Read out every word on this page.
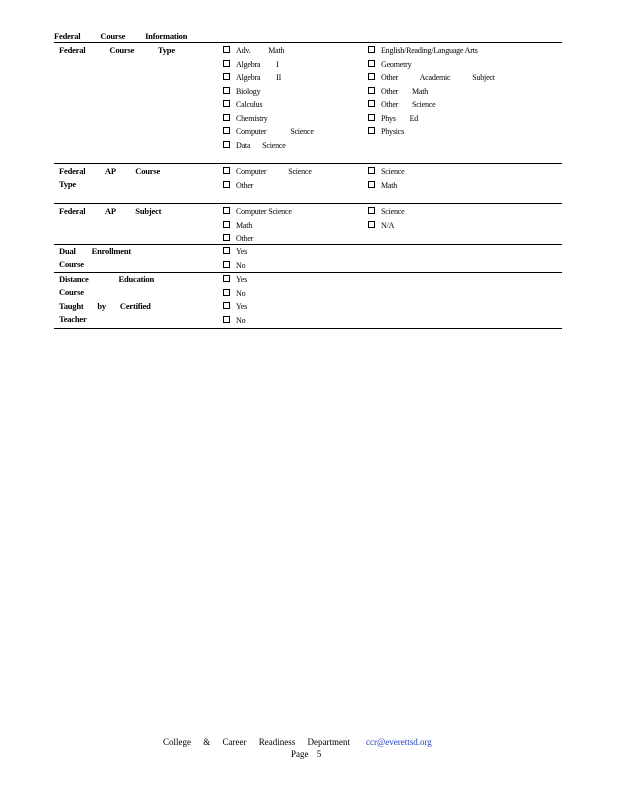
Federal Course Information
Federal Course Type	Adv. Math
Algebra I
Algebra II
Biology
Calculus
Chemistry
Computer Science
Data Science
English/Reading/Language Arts
Geometry
Other Academic Subject
Other Math
Other Science
Phys Ed
Physics
Federal AP Course
Type
Computer Science
Other
Science
Math
Federal AP Subject	Computer Science
Math
Other
Science
N/A
Dual Enrollment
Course
Yes
No
Distance Education
Course
Taught by Certified
Teacher
Yes
No
Yes
No
College & Career Readiness Department ccr@everettsd.org
Page 5
